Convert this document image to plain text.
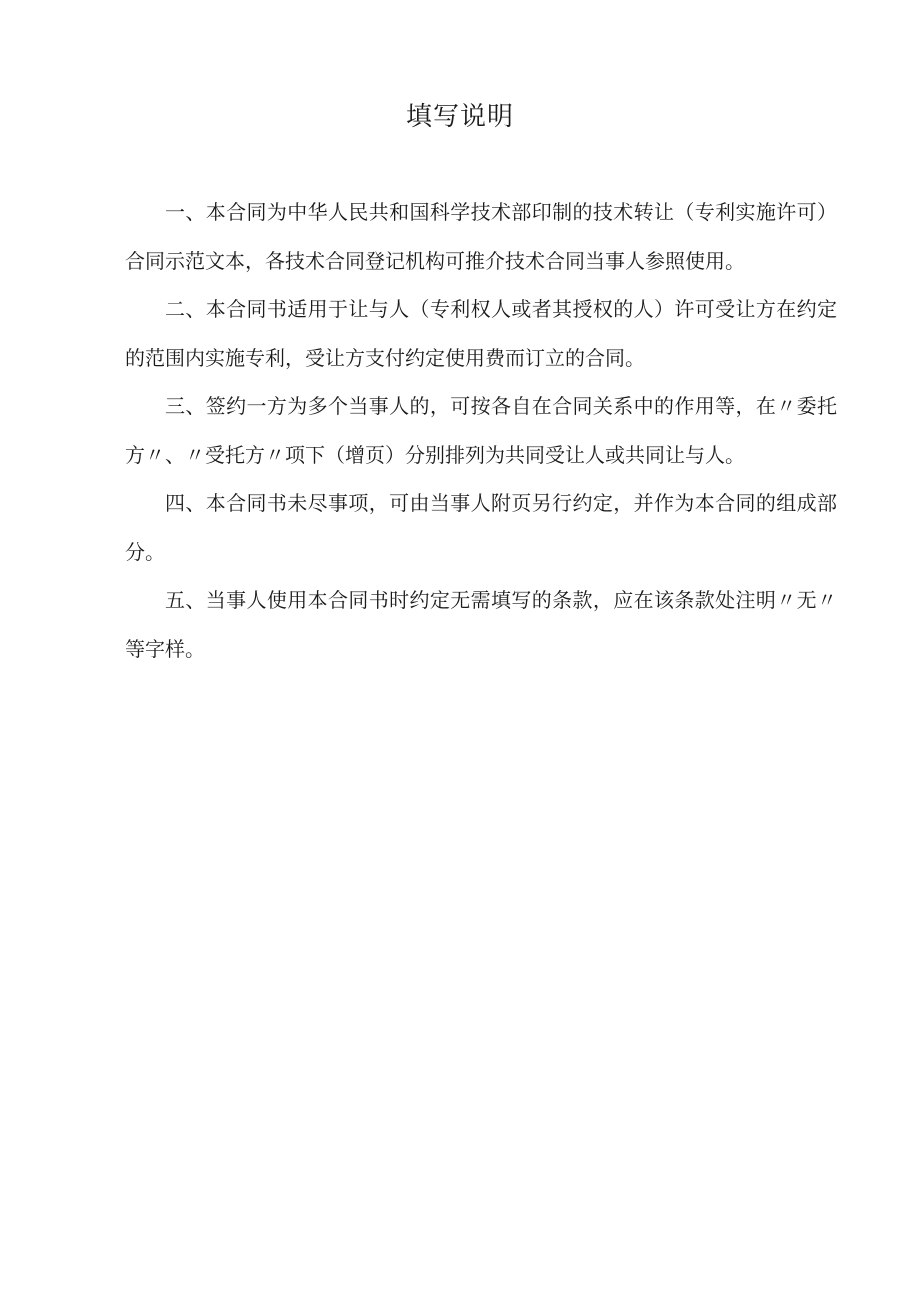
填写说明

一、本合同为中华人民共和国科学技术部印制的技术转让（专利实施许可）合同示范文本，各技术合同登记机构可推介技术合同当事人参照使用。

二、本合同书适用于让与人（专利权人或者其授权的人）许可受让方在约定的范围内实施专利，受让方支付约定使用费而订立的合同。

三、签约一方为多个当事人的，可按各自在合同关系中的作用等，在〃委托方〃、〃受托方〃项下（增页）分别排列为共同受让人或共同让与人。

四、本合同书未尽事项，可由当事人附页另行约定，并作为本合同的组成部分。

五、当事人使用本合同书时约定无需填写的条款，应在该条款处注明〃无〃等字样。
